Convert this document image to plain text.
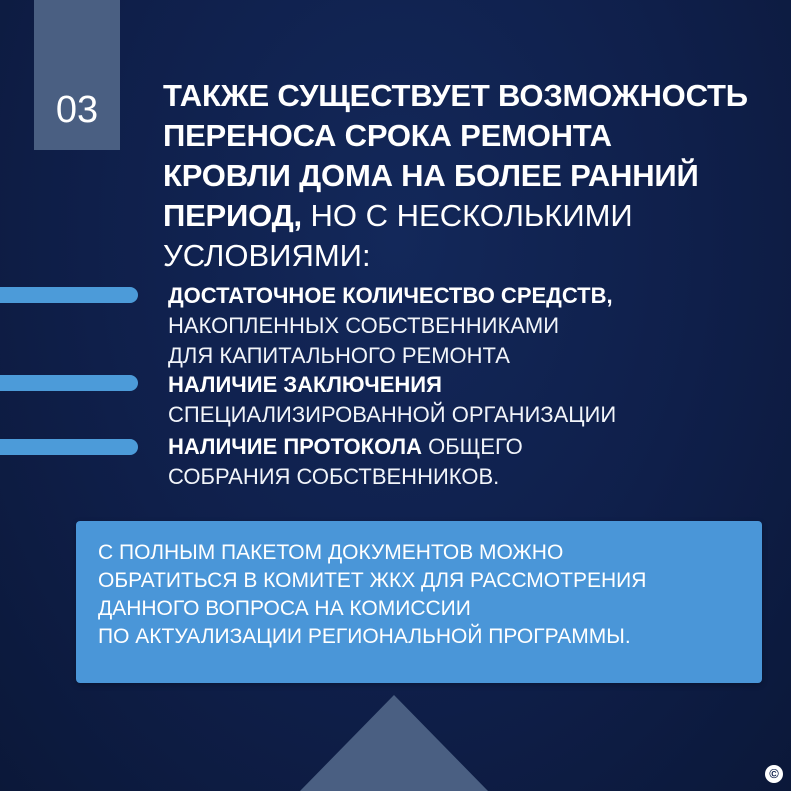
03	ТАКЖЕ СУЩЕСТВУЕТ ВОЗМОЖНОСТЬ
ПЕРЕНОСА СРОКА РЕМОНТА
КРОВЛИ ДОМА НА БОЛЕЕ РАННИЙ
ПЕРИОД, НО С НЕСКОЛЬКИМИ
УСЛОВИЯМИ:
ДОСТАТОЧНОЕ КОЛИЧЕСТВО СРЕДСТВ,
НАКОПЛЕННЫХ СОБСТВЕННИКАМИ
ДЛЯ КАПИТАЛЬНОГО РЕМОНТА
НАЛИЧИЕ ЗАКЛЮЧЕНИЯ
СПЕЦИАЛИЗИРОВАННОЙ ОРГАНИЗАЦИИ
НАЛИЧИЕ ПРОТОКОЛА ОБЩЕГО
СОБРАНИЯ СОБСТВЕННИКОВ.
С ПОЛНЫМ ПАКЕТОМ ДОКУМЕНТОВ МОЖНО
ОБРАТИТЬСЯ В КОМИТЕТ ЖКХ ДЛЯ РАССМОТРЕНИЯ
ДАННОГО ВОПРОСА НА КОМИССИИ
ПО АКТУАЛИЗАЦИИ РЕГИОНАЛЬНОЙ ПРОГРАММЫ.
©
